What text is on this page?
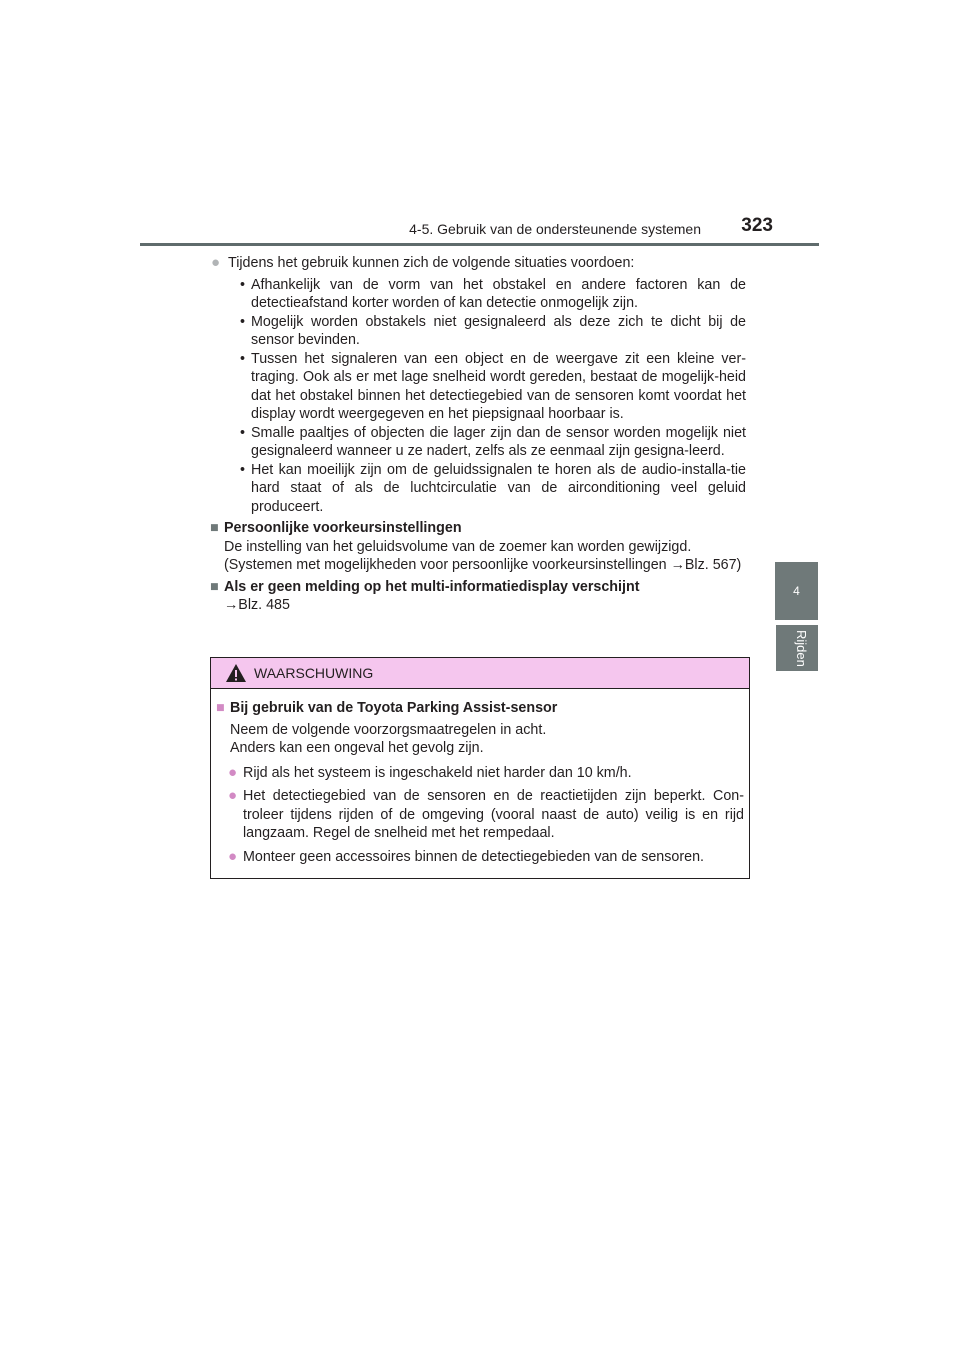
4-5. Gebruik van de ondersteunende systemen 323
4
Rijden
● Tijdens het gebruik kunnen zich de volgende situaties voordoen:
• Afhankelijk van de vorm van het obstakel en andere factoren kan de detectieafstand korter worden of kan detectie onmogelijk zijn.
• Mogelijk worden obstakels niet gesignaleerd als deze zich te dicht bij de sensor bevinden.
• Tussen het signaleren van een object en de weergave zit een kleine ver-traging. Ook als er met lage snelheid wordt gereden, bestaat de mogelijk-heid dat het obstakel binnen het detectiegebied van de sensoren komt voordat het display wordt weergegeven en het piepsignaal hoorbaar is.
• Smalle paaltjes of objecten die lager zijn dan de sensor worden mogelijk niet gesignaleerd wanneer u ze nadert, zelfs als ze eenmaal zijn gesigna-leerd.
• Het kan moeilijk zijn om de geluidssignalen te horen als de audio-installa-tie hard staat of als de luchtcirculatie van de airconditioning veel geluid produceert.
■ Persoonlijke voorkeursinstellingen
De instelling van het geluidsvolume van de zoemer kan worden gewijzigd.
(Systemen met mogelijkheden voor persoonlijke voorkeursinstellingen →Blz. 567)
■ Als er geen melding op het multi-informatiedisplay verschijnt
→Blz. 485
WAARSCHUWING
■ Bij gebruik van de Toyota Parking Assist-sensor
Neem de volgende voorzorgsmaatregelen in acht.
Anders kan een ongeval het gevolg zijn.
● Rijd als het systeem is ingeschakeld niet harder dan 10 km/h.
● Het detectiegebied van de sensoren en de reactietijden zijn beperkt. Con-troleer tijdens rijden of de omgeving (vooral naast de auto) veilig is en rijd langzaam. Regel de snelheid met het rempedaal.
● Monteer geen accessoires binnen de detectiegebieden van de sensoren.
